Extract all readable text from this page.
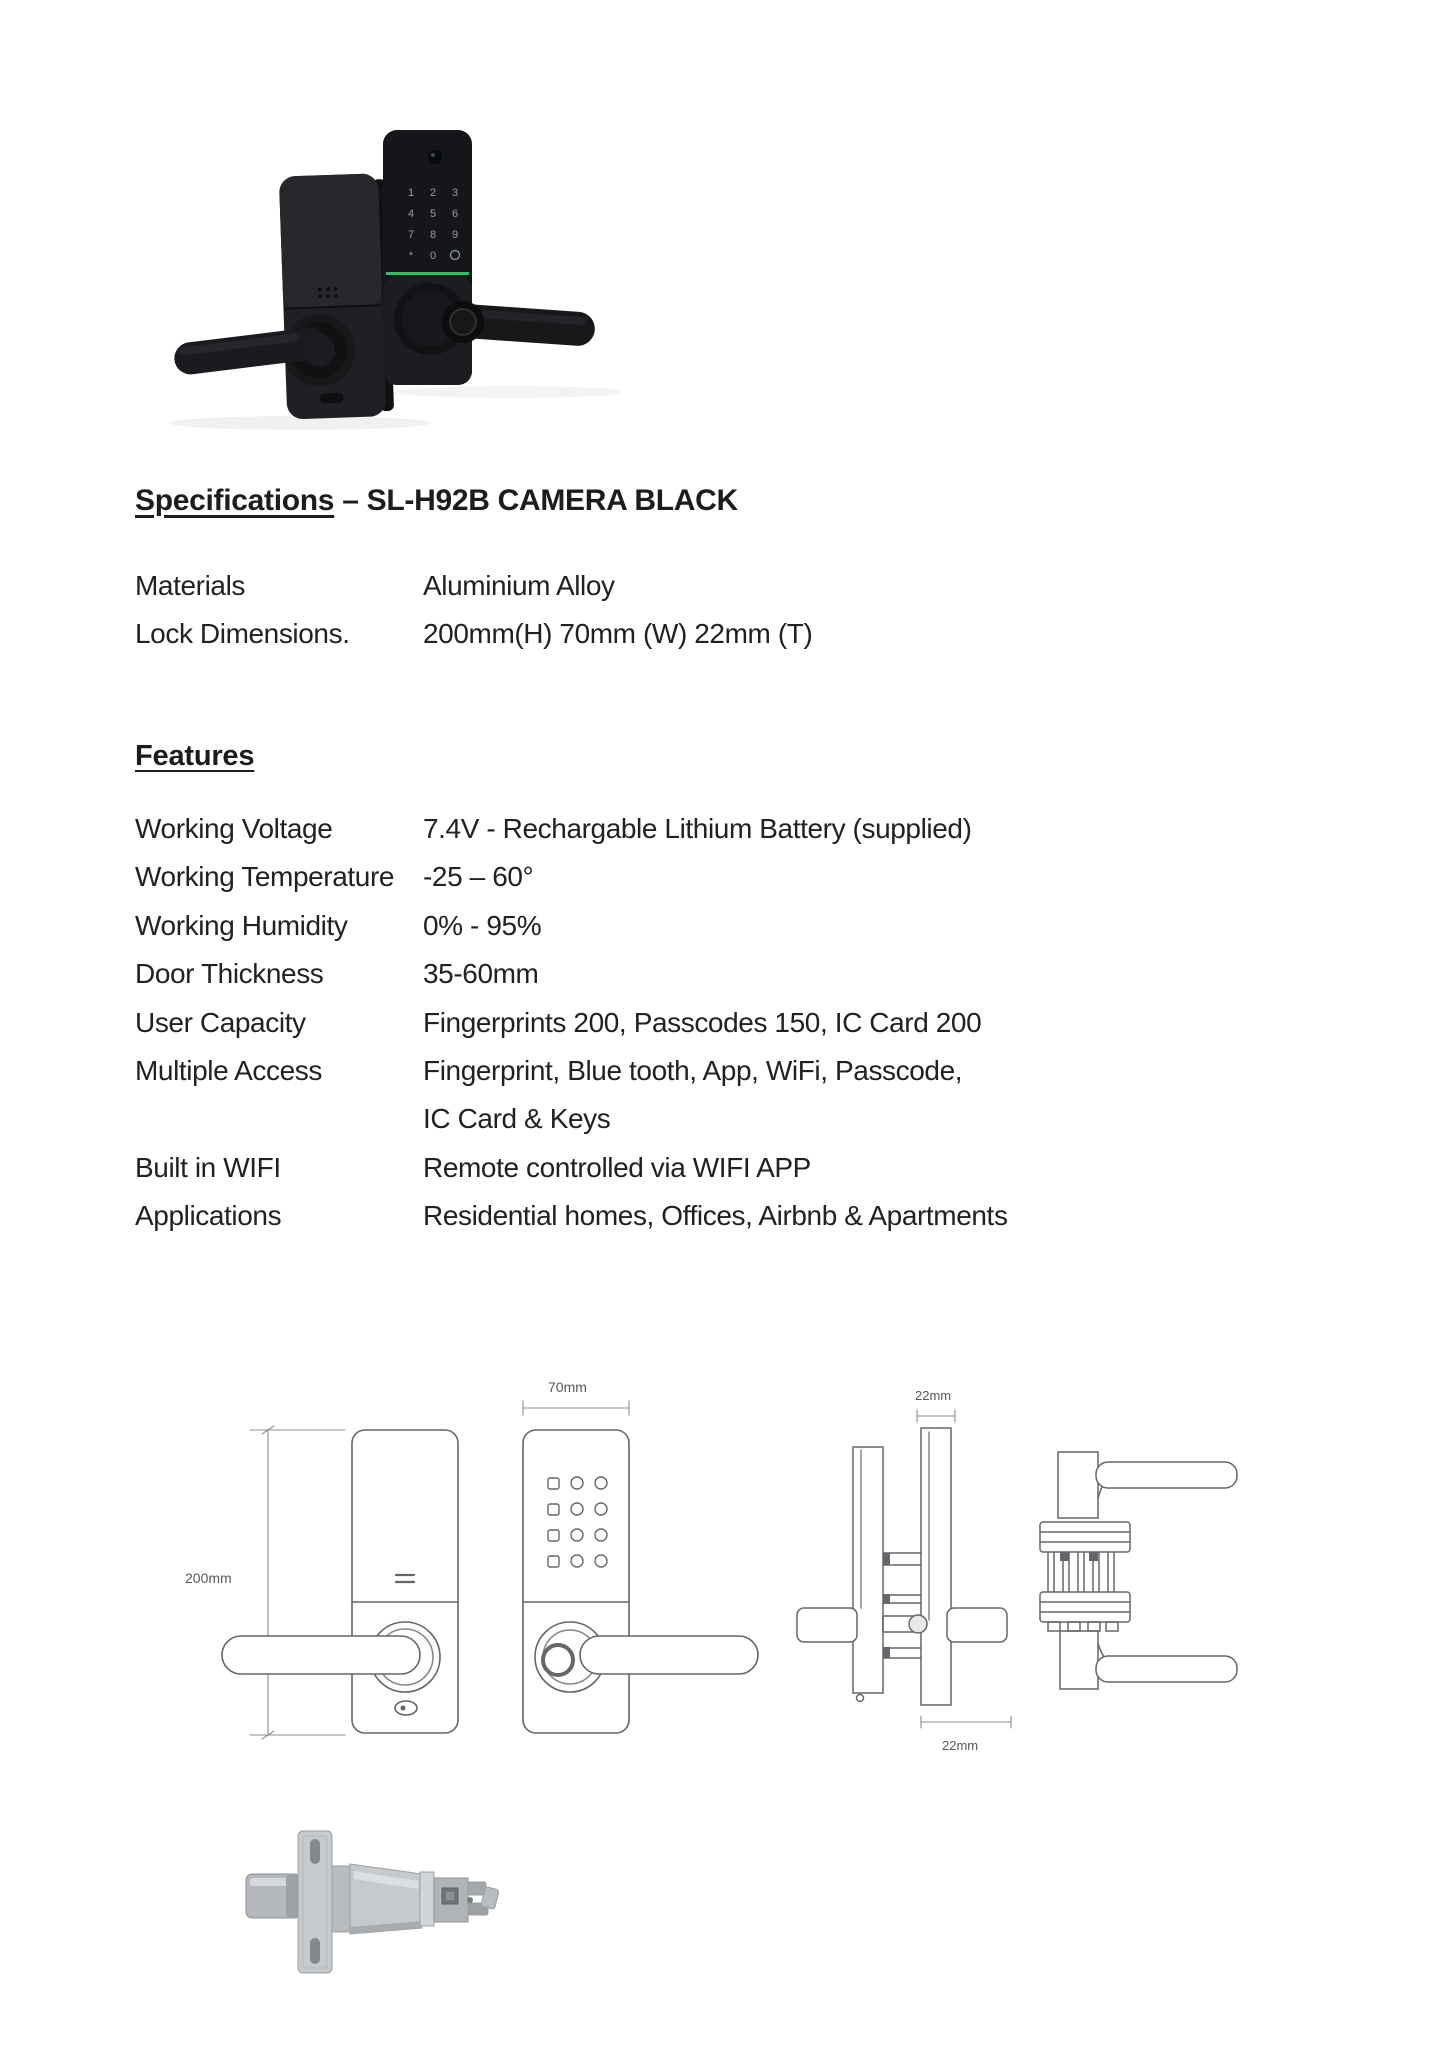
1 2 3
4 5 6
7 8 9
* 0
Specifications – SL-H92B CAMERA BLACK
Materials	Aluminium Alloy
Lock Dimensions.	200mm(H) 70mm (W) 22mm (T)
Features
Working Voltage	7.4V - Rechargable Lithium Battery (supplied)
Working Temperature	-25 – 60°
Working Humidity	0% - 95%
Door Thickness	35-60mm
User Capacity	Fingerprints 200, Passcodes 150, IC Card 200
Multiple Access	Fingerprint, Blue tooth, App, WiFi, Passcode,
IC Card & Keys
Built in WIFI	Remote controlled via WIFI APP
Applications	Residential homes, Offices, Airbnb & Apartments
200mm
70mm
22mm
22mm
